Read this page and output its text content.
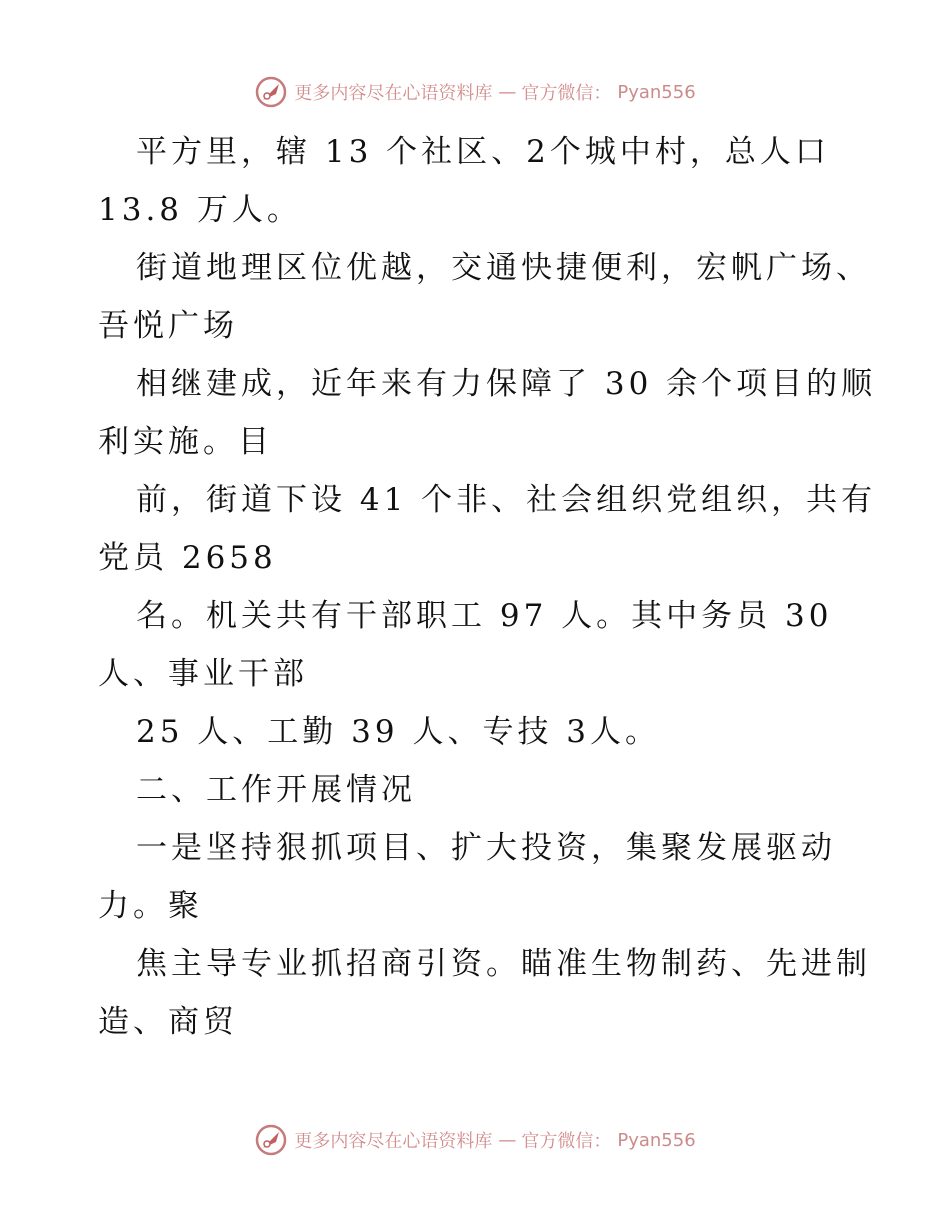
更多内容尽在心语资料库 — 官方微信： Pyan556
平方里，辖 13 个社区、2个城中村，总人口
13.8 万人。
街道地理区位优越，交通快捷便利，宏帆广场、
吾悦广场
相继建成，近年来有力保障了 30 余个项目的顺
利实施。目
前，街道下设 41 个非、社会组织党组织，共有
党员 2658
名。机关共有干部职工 97 人。其中务员 30
人、事业干部
25 人、工勤 39 人、专技 3人。
二、工作开展情况
一是坚持狠抓项目、扩大投资，集聚发展驱动
力。聚
焦主导专业抓招商引资。瞄准生物制药、先进制
造、商贸
更多内容尽在心语资料库 — 官方微信： Pyan556
